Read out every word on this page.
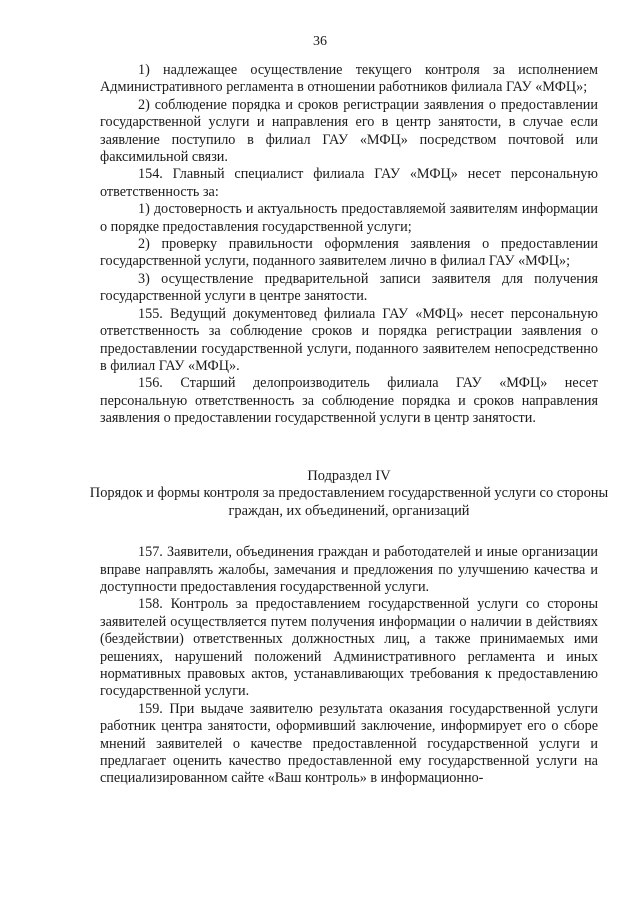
36

1) надлежащее осуществление текущего контроля за исполнением Административного регламента в отношении работников филиала ГАУ «МФЦ»;

2) соблюдение порядка и сроков регистрации заявления о предоставлении государственной услуги и направления его в центр занятости, в случае если заявление поступило в филиал ГАУ «МФЦ» посредством почтовой или факсимильной связи.

154. Главный специалист филиала ГАУ «МФЦ» несет персональную ответственность за:

1) достоверность и актуальность предоставляемой заявителям информации о порядке предоставления государственной услуги;

2) проверку правильности оформления заявления о предоставлении государственной услуги, поданного заявителем лично в филиал ГАУ «МФЦ»;

3) осуществление предварительной записи заявителя для получения государственной услуги в центре занятости.

155. Ведущий документовед филиала ГАУ «МФЦ» несет персональную ответственность за соблюдение сроков и порядка регистрации заявления о предоставлении государственной услуги, поданного заявителем непосредственно в филиал ГАУ «МФЦ».

156. Старший делопроизводитель филиала ГАУ «МФЦ» несет персональную ответственность за соблюдение порядка и сроков направления заявления о предоставлении государственной услуги в центр занятости.

Подраздел IV

Порядок и формы контроля за предоставлением государственной услуги со стороны граждан, их объединений, организаций

157. Заявители, объединения граждан и работодателей и иные организации вправе направлять жалобы, замечания и предложения по улучшению качества и доступности предоставления государственной услуги.

158. Контроль за предоставлением государственной услуги со стороны заявителей осуществляется путем получения информации о наличии в действиях (бездействии) ответственных должностных лиц, а также принимаемых ими решениях, нарушений положений Административного регламента и иных нормативных правовых актов, устанавливающих требования к предоставлению государственной услуги.

159. При выдаче заявителю результата оказания государственной услуги работник центра занятости, оформивший заключение, информирует его о сборе мнений заявителей о качестве предоставленной государственной услуги и предлагает оценить качество предоставленной ему государственной услуги на специализированном сайте «Ваш контроль» в информационно-
